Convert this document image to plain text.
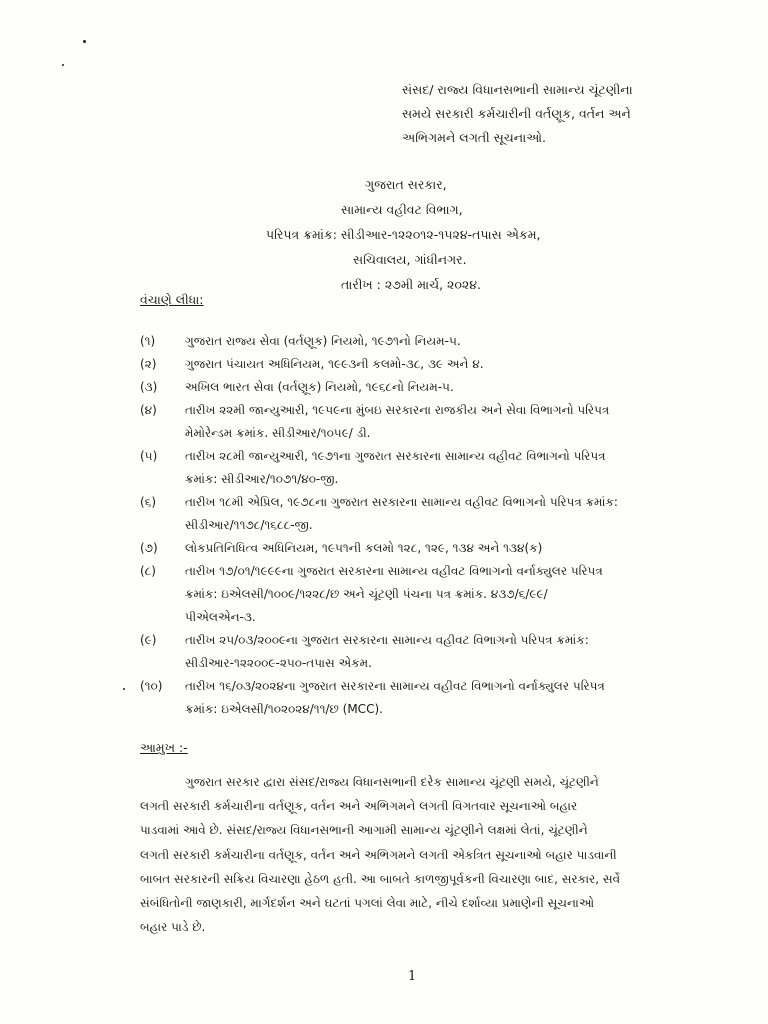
સંસદ/ રાજ્ય વિધાનસભાની સામાન્ય ચૂંટણીના
સમયે સરકારી કર્મચારીની વર્તણૂક, વર્તન અને
અભિગમને લગતી સૂચનાઓ.
ગુજરાત સરકાર,
સામાન્ય વહીવટ વિભાગ,
પરિપત્ર ક્રમાંક: સીડીઆર-૧૨૨૦૧૨-૧૫૨૪-તપાસ એકમ,
સચિવાલય, ગાંધીનગર.
તારીખ : ૨૭મી માર્ચ, ૨૦૨૪.
વંચાણે લીધા:
(૧) ગુજરાત રાજ્ય સેવા (વર્તણૂક) નિયમો, ૧૯૭૧નો નિયમ-૫.
(૨) ગુજરાત પંચાયત અધિનિયમ, ૧૯૯૩ની કલમો-૩૮, ૩૯ અને ૪.
(૩) અખિલ ભારત સેવા (વર્તણૂક) નિયમો, ૧૯૬૮નો નિયમ-૫.
(૪) તારીખ ૨૨મી જાન્યુઆરી, ૧૯૫૯ના મુંબઇ સરકારના રાજકીય અને સેવા વિભાગનો પરિપત્ર
મેમોરેન્ડમ ક્રમાંક. સીડીઆર/૧૦૫૯/ ડી.
(૫) તારીખ ૨૮મી જાન્યુઆરી, ૧૯૭૧ના ગુજરાત સરકારના સામાન્ય વહીવટ વિભાગનો પરિપત્ર
ક્રમાંક: સીડીઆર/૧૦૭૧/૪૦-જી.
(૬) તારીખ ૧૮મી એપ્રિલ, ૧૯૭૮ના ગુજરાત સરકારના સામાન્ય વહીવટ વિભાગનો પરિપત્ર ક્રમાંક:
સીડીઆર/૧૧૭૮/૧૬૮૮-જી.
(૭) લોકપ્રતિનિધિત્વ અધિનિયમ, ૧૯૫૧ની કલમો ૧૨૮, ૧૨૯, ૧૩૪ અને ૧૩૪(ક)
(૮) તારીખ ૧૭/૦૧/૧૯૯૯ના ગુજરાત સરકારના સામાન્ય વહીવટ વિભાગનો વર્નાક્યુલર પરિપત્ર
ક્રમાંક: ઇએલસી/૧૦૦૯/૧૨૨૮/છ અને ચૂંટણી પંચના પત્ર ક્રમાંક. ૪૩૭/૬/૯૯/
પીએલએન-૩.
(૯) તારીખ ૨૫/૦૩/૨૦૦૯ના ગુજરાત સરકારના સામાન્ય વહીવટ વિભાગનો પરિપત્ર ક્રમાંક:
સીડીઆર-૧૨૨૦૦૯-૨૫૦-તપાસ એકમ.
(૧૦) તારીખ ૧૬/૦૩/૨૦૨૪ના ગુજરાત સરકારના સામાન્ય વહીવટ વિભાગનો વર્નાક્યુલર પરિપત્ર
ક્રમાંક: ઇએલસી/૧૦૨૦૨૪/૧૧/છ (MCC).
આમુખ :-
ગુજરાત સરકાર દ્વારા સંસદ/રાજ્ય વિધાનસભાની દરેક સામાન્ય ચૂંટણી સમયે, ચૂંટણીને
લગતી સરકારી કર્મચારીના વર્તણૂક, વર્તન અને અભિગમને લગતી વિગતવાર સૂચનાઓ બહાર
પાડવામાં આવે છે. સંસદ/રાજ્ય વિધાનસભાની આગામી સામાન્ય ચૂંટણીને લક્ષમાં લેતાં, ચૂંટણીને
લગતી સરકારી કર્મચારીના વર્તણૂક, વર્તન અને અભિગમને લગતી એકત્રિત સૂચનાઓ બહાર પાડવાની
બાબત સરકારની સક્રિય વિચારણા હેઠળ હતી. આ બાબતે કાળજીપૂર્વકની વિચારણા બાદ, સરકાર, સર્વે
સંબંધિતોની જાણકારી, માર્ગદર્શન અને ઘટતાં પગલાં લેવા માટે, નીચે દર્શાવ્યા પ્રમાણેની સૂચનાઓ
બહાર પાડે છે.
1
